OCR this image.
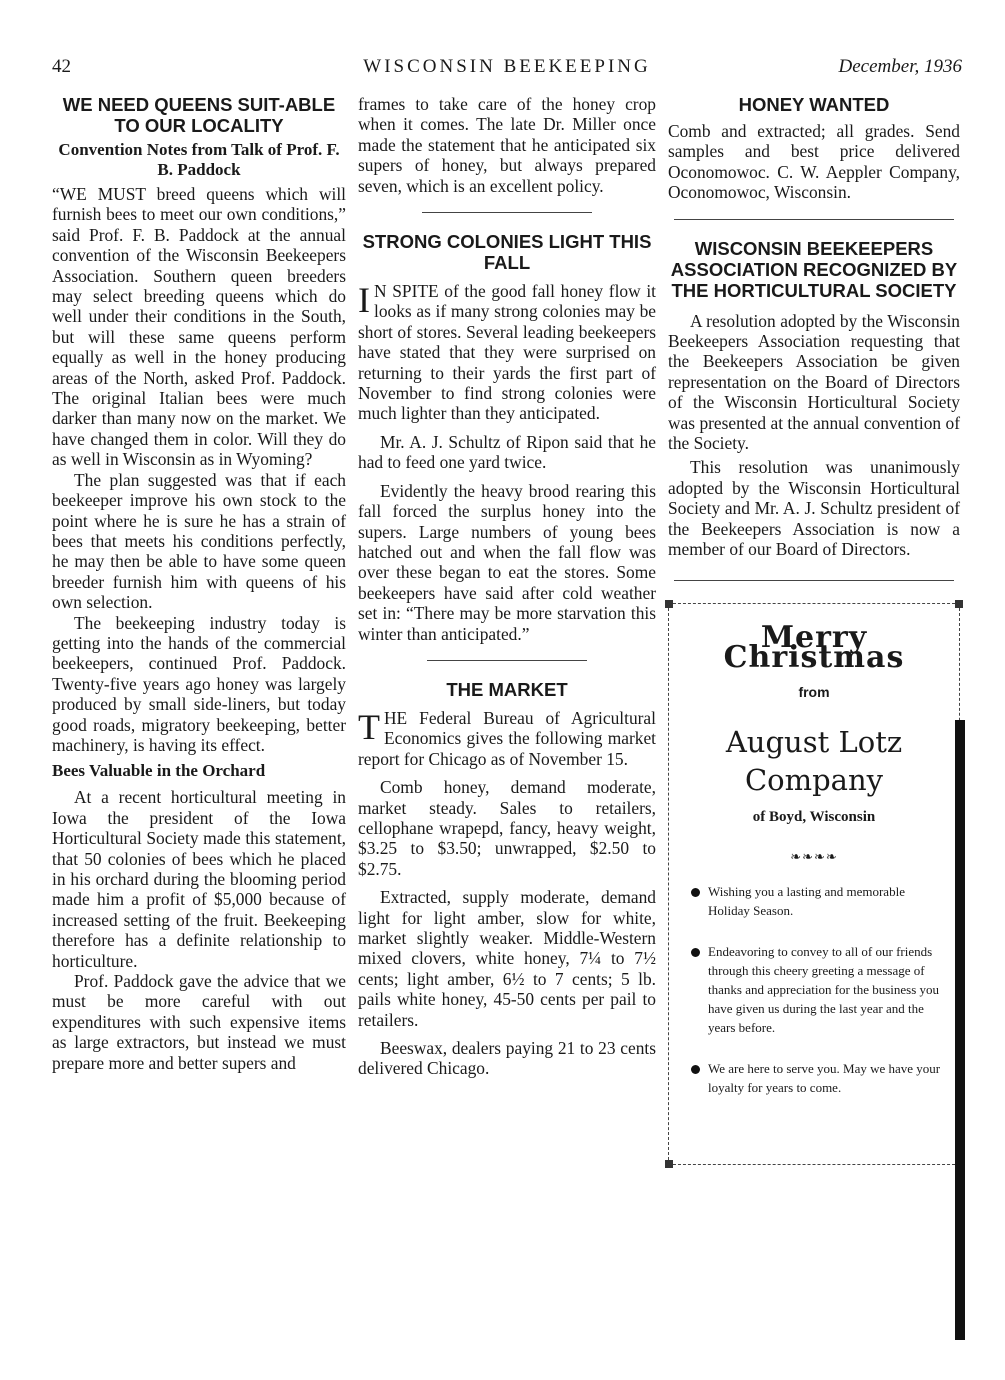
42	WISCONSIN BEEKEEPING	December, 1936
WE NEED QUEENS SUIT-ABLE TO OUR LOCALITY
Convention Notes from Talk of Prof. F. B. Paddock

“WE MUST breed queens which will furnish bees to meet our own conditions,” said Prof. F. B. Paddock at the annual convention of the Wisconsin Beekeepers Association. Southern queen breeders may select breeding queens which do well under their conditions in the South, but will these same queens perform equally as well in the honey producing areas of the North, asked Prof. Paddock. The original Italian bees were much darker than many now on the market. We have changed them in color. Will they do as well in Wisconsin as in Wyoming?

The plan suggested was that if each beekeeper improve his own stock to the point where he is sure he has a strain of bees that meets his conditions perfectly, he may then be able to have some queen breeder furnish him with queens of his own selection.

The beekeeping industry today is getting into the hands of the commercial beekeepers, continued Prof. Paddock. Twenty-five years ago honey was largely produced by small side-liners, but today good roads, migratory beekeeping, better machinery, is having its effect.

Bees Valuable in the Orchard

At a recent horticultural meeting in Iowa the president of the Iowa Horticultural Society made this statement, that 50 colonies of bees which he placed in his orchard during the blooming period made him a profit of $5,000 because of increased setting of the fruit. Beekeeping therefore has a definite relationship to horticulture.

Prof. Paddock gave the advice that we must be more careful with out expenditures with such expensive items as large extractors, but instead we must prepare more and better supers and

frames to take care of the honey crop when it comes. The late Dr. Miller once made the statement that he anticipated six supers of honey, but always prepared seven, which is an excellent policy.

STRONG COLONIES LIGHT THIS FALL

I N SPITE of the good fall honey flow it looks as if many strong colonies may be short of stores. Several leading beekeepers have stated that they were surprised on returning to their yards the first part of November to find strong colonies were much lighter than they anticipated.

Mr. A. J. Schultz of Ripon said that he had to feed one yard twice.

Evidently the heavy brood rearing this fall forced the surplus honey into the supers. Large numbers of young bees hatched out and when the fall flow was over these began to eat the stores. Some beekeepers have said after cold weather set in: “There may be more starvation this winter than anticipated.”

THE MARKET

THE Federal Bureau of Agricultural Economics gives the following market report for Chicago as of November 15.

Comb honey, demand moderate, market steady. Sales to retailers, cellophane wrapepd, fancy, heavy weight, $3.25 to $3.50; unwrapped, $2.50 to $2.75.

Extracted, supply moderate, demand light for light amber, slow for white, market slightly weaker. Middle-Western mixed clovers, white honey, 7¼ to 7½ cents; light amber, 6½ to 7 cents; 5 lb. pails white honey, 45-50 cents per pail to retailers.

Beeswax, dealers paying 21 to 23 cents delivered Chicago.

HONEY WANTED

Comb and extracted; all grades. Send samples and best price delivered Oconomowoc. C. W. Aeppler Company, Oconomowoc, Wisconsin.

WISCONSIN BEEKEEPERS ASSOCIATION RECOGNIZED BY THE HORTICULTURAL SOCIETY

A resolution adopted by the Wisconsin Beekeepers Association requesting that the Beekeepers Association be given representation on the Board of Directors of the Wisconsin Horticultural Society was presented at the annual convention of the Society.

This resolution was unanimously adopted by the Wisconsin Horticultural Society and Mr. A. J. Schultz president of the Beekeepers Association is now a member of our Board of Directors.

Merry Christmas
from
August Lotz Company
of Boyd, Wisconsin
❧❧❧❧
Wishing you a lasting and memorable Holiday Season.
Endeavoring to convey to all of our friends through this cheery greeting a message of thanks and appreciation for the business you have given us during the last year and the years before.
We are here to serve you. May we have your loyalty for years to come.
